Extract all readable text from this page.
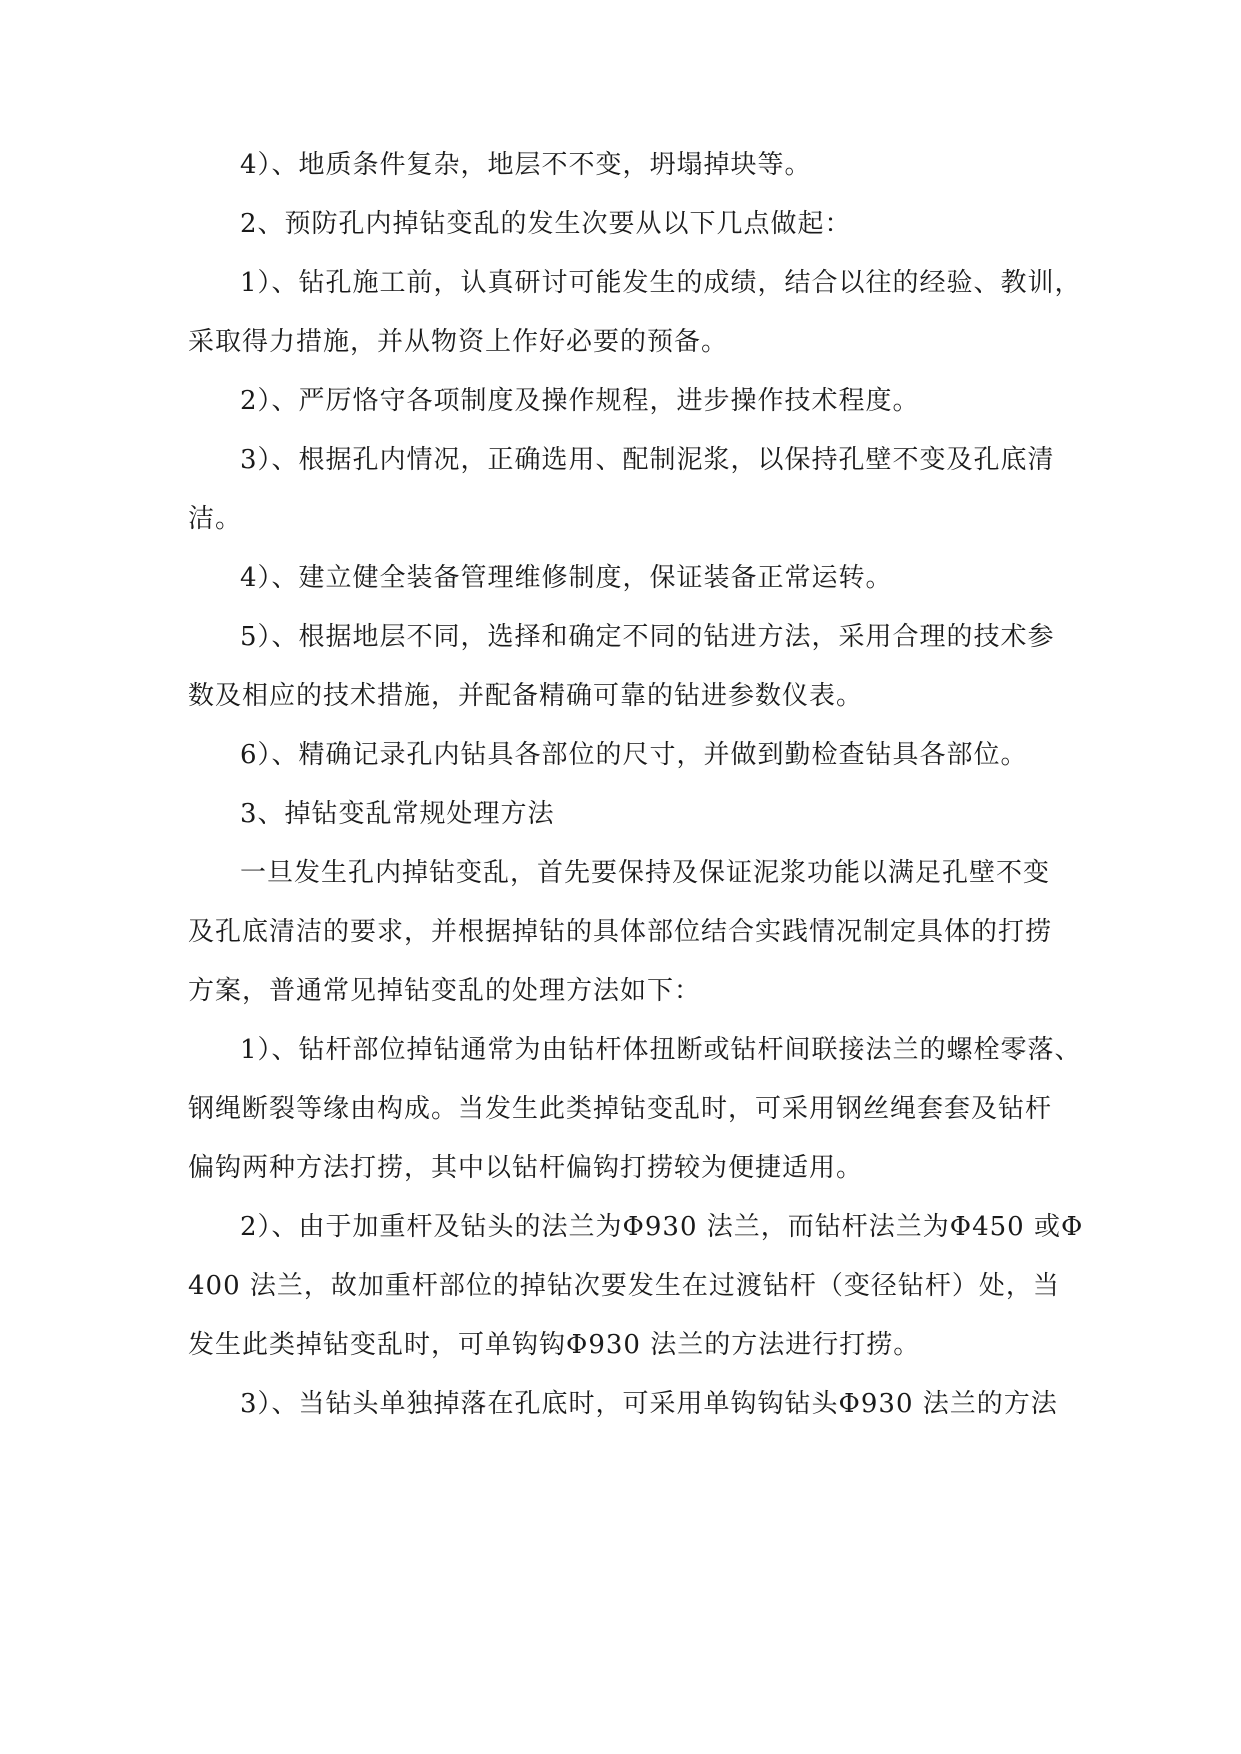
4）、地质条件复杂，地层不不变，坍塌掉块等。
2、预防孔内掉钻变乱的发生次要从以下几点做起：
1）、钻孔施工前，认真研讨可能发生的成绩，结合以往的经验、教训，
采取得力措施，并从物资上作好必要的预备。
2）、严厉恪守各项制度及操作规程，进步操作技术程度。
3）、根据孔内情况，正确选用、配制泥浆，以保持孔壁不变及孔底清
洁。
4）、建立健全装备管理维修制度，保证装备正常运转。
5）、根据地层不同，选择和确定不同的钻进方法，采用合理的技术参
数及相应的技术措施，并配备精确可靠的钻进参数仪表。
6）、精确记录孔内钻具各部位的尺寸，并做到勤检查钻具各部位。
3、掉钻变乱常规处理方法
一旦发生孔内掉钻变乱，首先要保持及保证泥浆功能以满足孔壁不变
及孔底清洁的要求，并根据掉钻的具体部位结合实践情况制定具体的打捞
方案，普通常见掉钻变乱的处理方法如下：
1）、钻杆部位掉钻通常为由钻杆体扭断或钻杆间联接法兰的螺栓零落、
钢绳断裂等缘由构成。当发生此类掉钻变乱时，可采用钢丝绳套套及钻杆
偏钩两种方法打捞，其中以钻杆偏钩打捞较为便捷适用。
2）、由于加重杆及钻头的法兰为Φ930 法兰，而钻杆法兰为Φ450 或Φ
400 法兰，故加重杆部位的掉钻次要发生在过渡钻杆（变径钻杆）处，当
发生此类掉钻变乱时，可单钩钩Φ930 法兰的方法进行打捞。
3）、当钻头单独掉落在孔底时，可采用单钩钩钻头Φ930 法兰的方法
